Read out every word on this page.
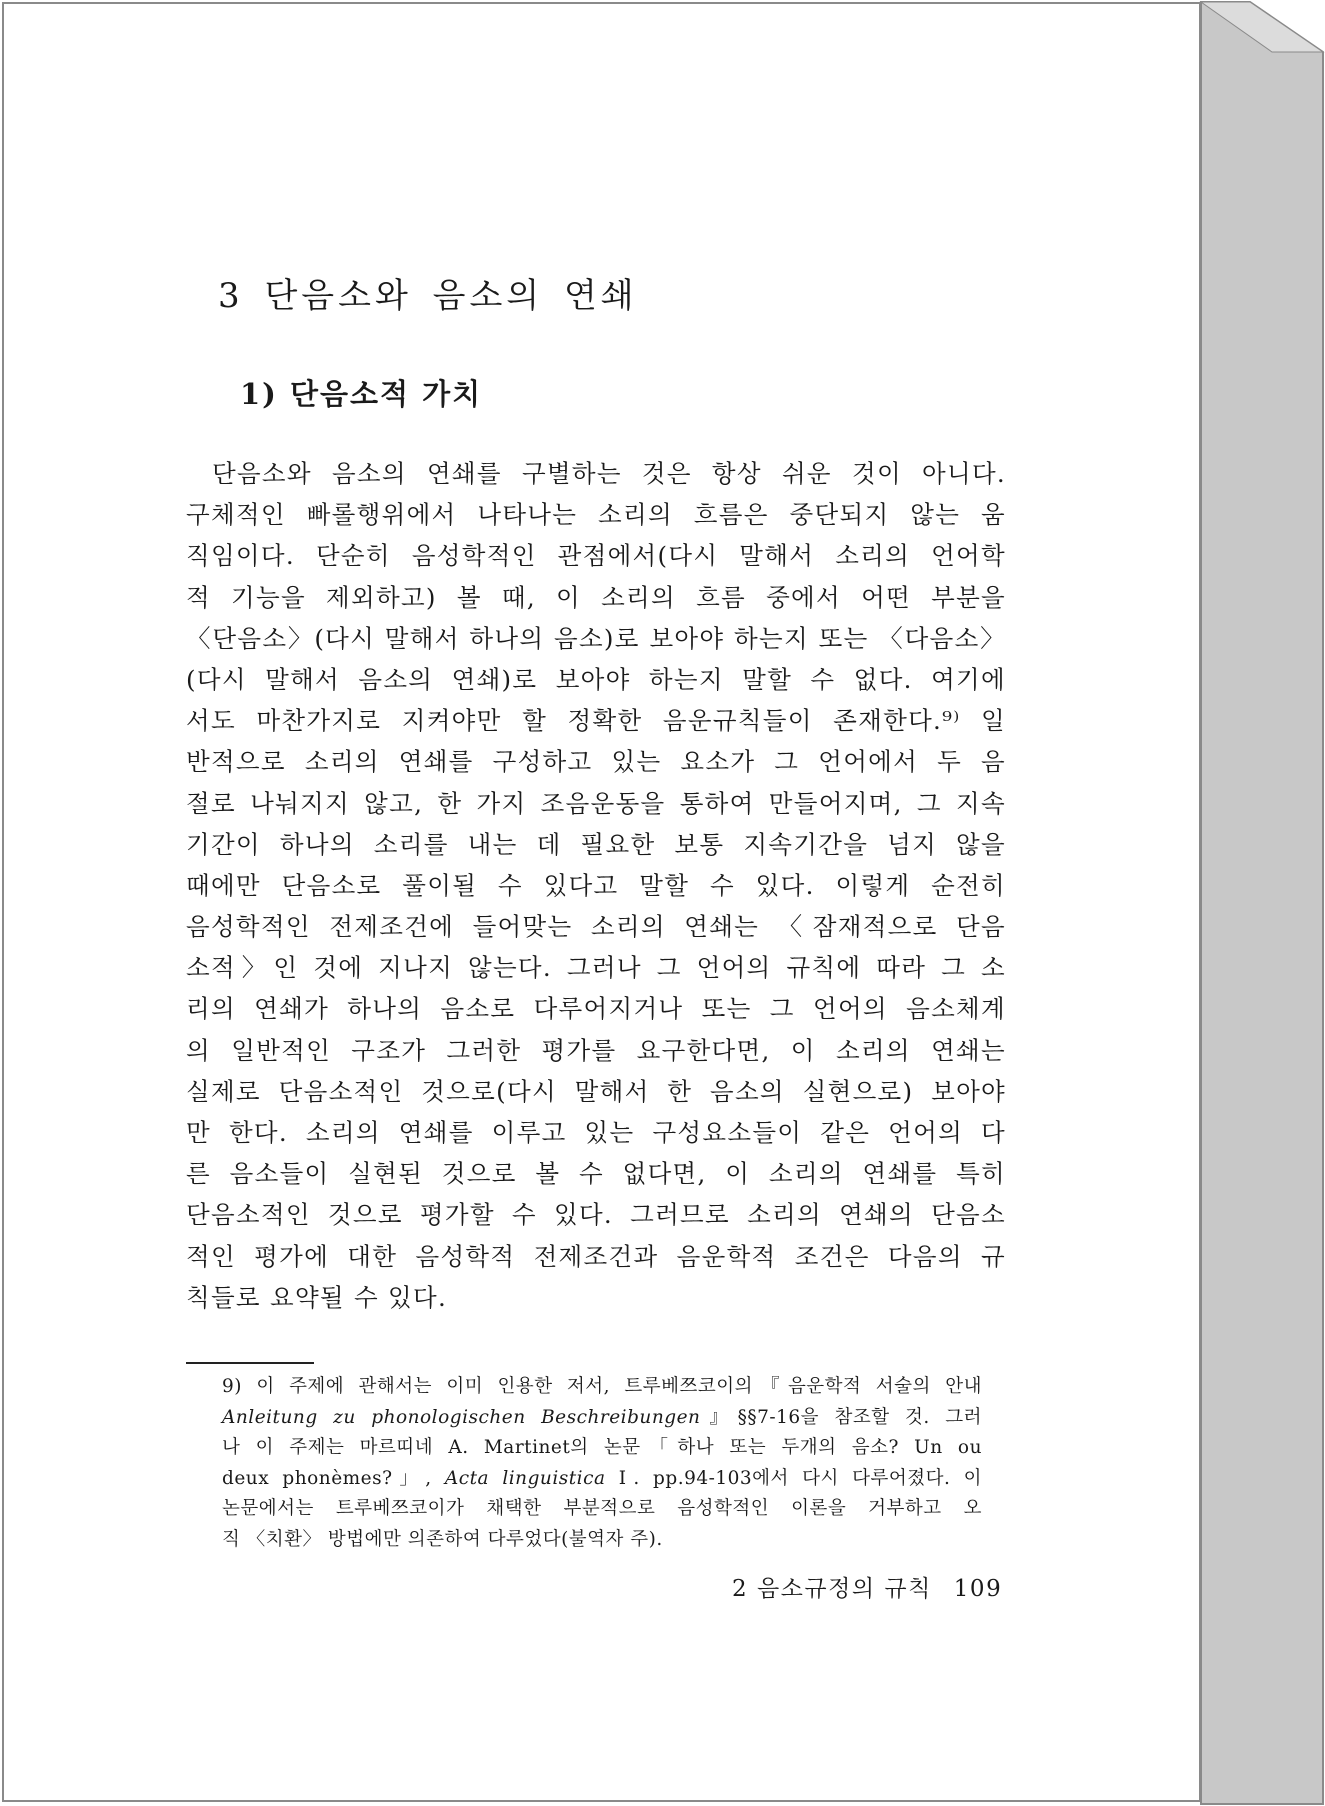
3 단음소와 음소의 연쇄
1) 단음소적 가치
단음소와 음소의 연쇄를 구별하는 것은 항상 쉬운 것이 아니다.
구체적인 빠롤행위에서 나타나는 소리의 흐름은 중단되지 않는 움
직임이다. 단순히 음성학적인 관점에서(다시 말해서 소리의 언어학
적 기능을 제외하고) 볼 때, 이 소리의 흐름 중에서 어떤 부분을
〈단음소〉(다시 말해서 하나의 음소)로 보아야 하는지 또는 〈다음소〉
(다시 말해서 음소의 연쇄)로 보아야 하는지 말할 수 없다. 여기에
서도 마찬가지로 지켜야만 할 정확한 음운규칙들이 존재한다.⁹⁾ 일
반적으로 소리의 연쇄를 구성하고 있는 요소가 그 언어에서 두 음
절로 나눠지지 않고, 한 가지 조음운동을 통하여 만들어지며, 그 지속
기간이 하나의 소리를 내는 데 필요한 보통 지속기간을 넘지 않을
때에만 단음소로 풀이될 수 있다고 말할 수 있다. 이렇게 순전히
음성학적인 전제조건에 들어맞는 소리의 연쇄는 〈잠재적으로 단음
소적〉인 것에 지나지 않는다. 그러나 그 언어의 규칙에 따라 그 소
리의 연쇄가 하나의 음소로 다루어지거나 또는 그 언어의 음소체계
의 일반적인 구조가 그러한 평가를 요구한다면, 이 소리의 연쇄는
실제로 단음소적인 것으로(다시 말해서 한 음소의 실현으로) 보아야
만 한다. 소리의 연쇄를 이루고 있는 구성요소들이 같은 언어의 다
른 음소들이 실현된 것으로 볼 수 없다면, 이 소리의 연쇄를 특히
단음소적인 것으로 평가할 수 있다. 그러므로 소리의 연쇄의 단음소
적인 평가에 대한 음성학적 전제조건과 음운학적 조건은 다음의 규
칙들로 요약될 수 있다.
9) 이 주제에 관해서는 이미 인용한 저서, 트루베쯔코이의『음운학적 서술의 안내
Anleitung zu phonologischen Beschreibungen』§§7-16을 참조할 것. 그러
나 이 주제는 마르띠네 A. Martinet의 논문「하나 또는 두개의 음소? Un ou
deux phonèmes?」, Acta linguistica Ⅰ. pp.94-103에서 다시 다루어졌다. 이
논문에서는 트루베쯔코이가 채택한 부분적으로 음성학적인 이론을 거부하고 오
직 〈치환〉 방법에만 의존하여 다루었다(불역자 주).
2 음소규정의 규칙 109
